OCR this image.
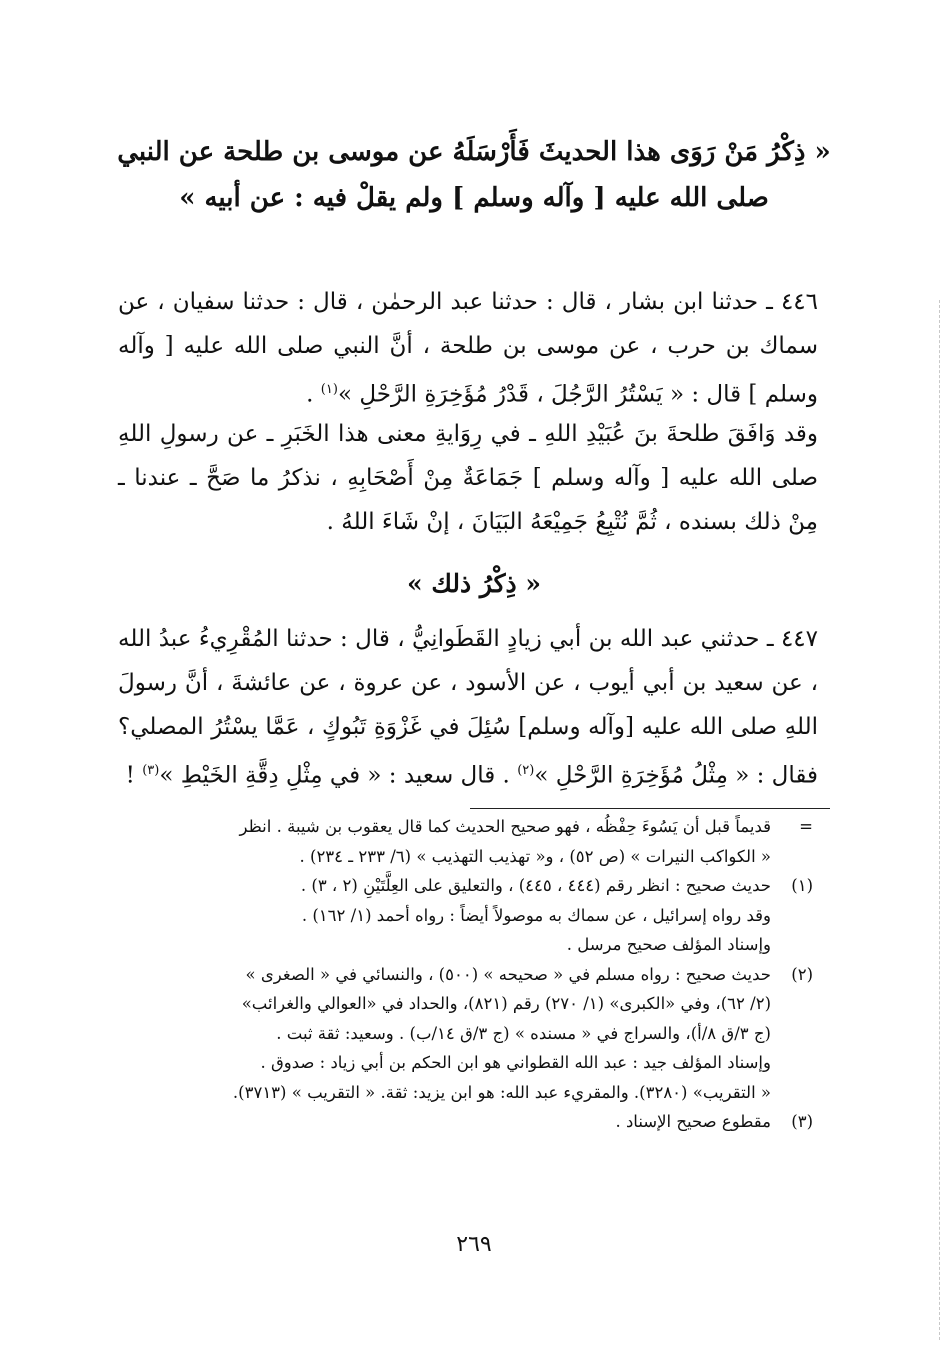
« ذِكْرُ مَنْ رَوَى هذا الحديثَ فَأَرْسَلَهُ عن موسى بن طلحة عن النبي
صلى الله عليه [ وآله وسلم ] ولم يقلْ فيه : عن أبيه »

٤٤٦ ـ حدثنا ابن بشار ، قال : حدثنا عبد الرحمٰن ، قال : حدثنا سفيان ، عن سماك بن حرب ، عن موسى بن طلحة ، أنَّ النبي صلى الله عليه [ وآله وسلم ] قال : « يَسْتُرُ الرَّجُلَ ، قَدْرُ مُؤَخِرَةِ الرَّحْلِ »$^{(١)}$ .

وقد وَافَقَ طلحةَ بنَ عُبَيْدِ اللهِ ـ في رِوَايةِ معنى هذا الخَبَرِ ـ عن رسولِ اللهِ صلى الله عليه [ وآله وسلم ] جَمَاعَةٌ مِنْ أَصْحَابِهِ ، نذكرُ ما صَحَّ ـ عندنا ـ مِنْ ذلك بسنده ، ثُمَّ نُتْبِعُ جَمِيْعَهُ البَيَانَ ، إنْ شَاءَ اللهُ .

« ذِكْرُ ذلك »

٤٤٧ ـ حدثني عبد الله بن أبي زيادٍ القَطَوانِيُّ ، قال : حدثنا المُقْرِيءُ عبدُ الله ، عن سعيد بن أبي أيوب ، عن الأسود ، عن عروة ، عن عائشةَ ، أنَّ رسولَ اللهِ صلى الله عليه [وآله وسلم] سُئِلَ في غَزْوَةِ تَبُوكٍ ، عَمَّا يسْتُرُ المصلي؟ فقال : « مِثْلُ مُؤَخِرَةِ الرَّحْلِ »$^{(٢)}$ . قال سعيد : « في مِثْلِ دِقَّةِ الخَيْطِ »$^{(٣)}$ !

=
قديماً قبل أن يَسُوءَ حِفْظُه ، فهو صحيح الحديث كما قال يعقوب بن شيبة . انظر
« الكواكب النيرات » (ص ٥٢) ، و« تهذيب التهذيب » (٦/ ٢٣٣ ـ ٢٣٤) .
(١)
حديث صحيح : انظر رقم (٤٤٤ ، ٤٤٥) ، والتعليق على العِلَّتَيْنِ (٢ ، ٣) .
وقد رواه إسرائيل ، عن سماك به موصولاً أيضاً : رواه أحمد (١/ ١٦٢) .
وإسناد المؤلف صحيح مرسل .
(٢)
حديث صحيح : رواه مسلم في « صحيحه » (٥٠٠) ، والنسائي في « الصغرى »
(٢/ ٦٢)، وفي «الكبرى» (١/ ٢٧٠) رقم (٨٢١)، والحداد في «العوالي والغرائب»
(ج ٣/ق ٨/أ)، والسراج في « مسنده » (ج ٣/ق ١٤/ب) . وسعيد: ثقة ثبت .
وإسناد المؤلف جيد : عبد الله القطواني هو ابن الحكم بن أبي زياد : صدوق .
« التقريب» (٣٢٨٠). والمقريء عبد الله: هو ابن يزيد: ثقة. « التقريب » (٣٧١٣).
(٣)
مقطوع صحيح الإسناد .

٢٦٩
